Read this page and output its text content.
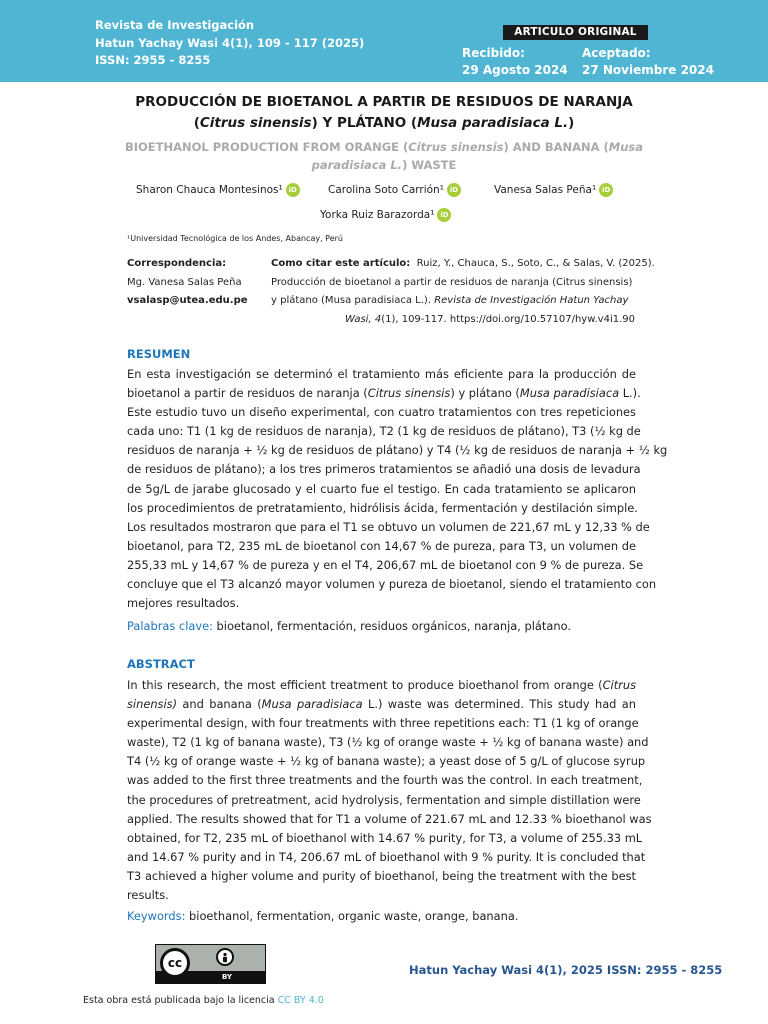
Revista de Investigación
Hatun Yachay Wasi 4(1), 109 - 117 (2025)
ISSN: 2955 - 8255
ARTICULO ORIGINAL
Recibido:
29 Agosto 2024
Aceptado:
27 Noviembre 2024
PRODUCCIÓN DE BIOETANOL A PARTIR DE RESIDUOS DE NARANJA
(Citrus sinensis) Y PLÁTANO (Musa paradisiaca L.)
BIOETHANOL PRODUCTION FROM ORANGE (Citrus sinensis) AND BANANA (Musa paradisiaca L.) WASTE
Sharon Chauca Montesinos¹ iD	Carolina Soto Carrión¹ iD	Vanesa Salas Peña¹ iD
Yorka Ruiz Barazorda¹ iD
¹Universidad Tecnológica de los Andes, Abancay, Perú
Correspondencia:
Mg. Vanesa Salas Peña
vsalasp@utea.edu.pe
Como citar este artículo: Ruiz, Y., Chauca, S., Soto, C., & Salas, V. (2025).
Producción de bioetanol a partir de residuos de naranja (Citrus sinensis)
y plátano (Musa paradisiaca L.). Revista de Investigación Hatun Yachay
Wasi, 4(1), 109-117. https://doi.org/10.57107/hyw.v4i1.90
RESUMEN
En esta investigación se determinó el tratamiento más eficiente para la producción de
bioetanol a partir de residuos de naranja (Citrus sinensis) y plátano (Musa paradisiaca L.).
Este estudio tuvo un diseño experimental, con cuatro tratamientos con tres repeticiones
cada uno: T1 (1 kg de residuos de naranja), T2 (1 kg de residuos de plátano), T3 (½ kg de
residuos de naranja + ½ kg de residuos de plátano) y T4 (½ kg de residuos de naranja + ½ kg
de residuos de plátano); a los tres primeros tratamientos se añadió una dosis de levadura
de 5g/L de jarabe glucosado y el cuarto fue el testigo. En cada tratamiento se aplicaron
los procedimientos de pretratamiento, hidrólisis ácida, fermentación y destilación simple.
Los resultados mostraron que para el T1 se obtuvo un volumen de 221,67 mL y 12,33 % de
bioetanol, para T2, 235 mL de bioetanol con 14,67 % de pureza, para T3, un volumen de
255,33 mL y 14,67 % de pureza y en el T4, 206,67 mL de bioetanol con 9 % de pureza. Se
concluye que el T3 alcanzó mayor volumen y pureza de bioetanol, siendo el tratamiento con
mejores resultados.
Palabras clave: bioetanol, fermentación, residuos orgánicos, naranja, plátano.
ABSTRACT
In this research, the most efficient treatment to produce bioethanol from orange (Citrus
sinensis) and banana (Musa paradisiaca L.) waste was determined. This study had an
experimental design, with four treatments with three repetitions each: T1 (1 kg of orange
waste), T2 (1 kg of banana waste), T3 (½ kg of orange waste + ½ kg of banana waste) and
T4 (½ kg of orange waste + ½ kg of banana waste); a yeast dose of 5 g/L of glucose syrup
was added to the first three treatments and the fourth was the control. In each treatment,
the procedures of pretreatment, acid hydrolysis, fermentation and simple distillation were
applied. The results showed that for T1 a volume of 221.67 mL and 12.33 % bioethanol was
obtained, for T2, 235 mL of bioethanol with 14.67 % purity, for T3, a volume of 255.33 mL
and 14.67 % purity and in T4, 206.67 mL of bioethanol with 9 % purity. It is concluded that
T3 achieved a higher volume and purity of bioethanol, being the treatment with the best
results.
Keywords: bioethanol, fermentation, organic waste, orange, banana.
cc
BY	Hatun Yachay Wasi 4(1), 2025 ISSN: 2955 - 8255
Esta obra está publicada bajo la licencia CC BY 4.0
